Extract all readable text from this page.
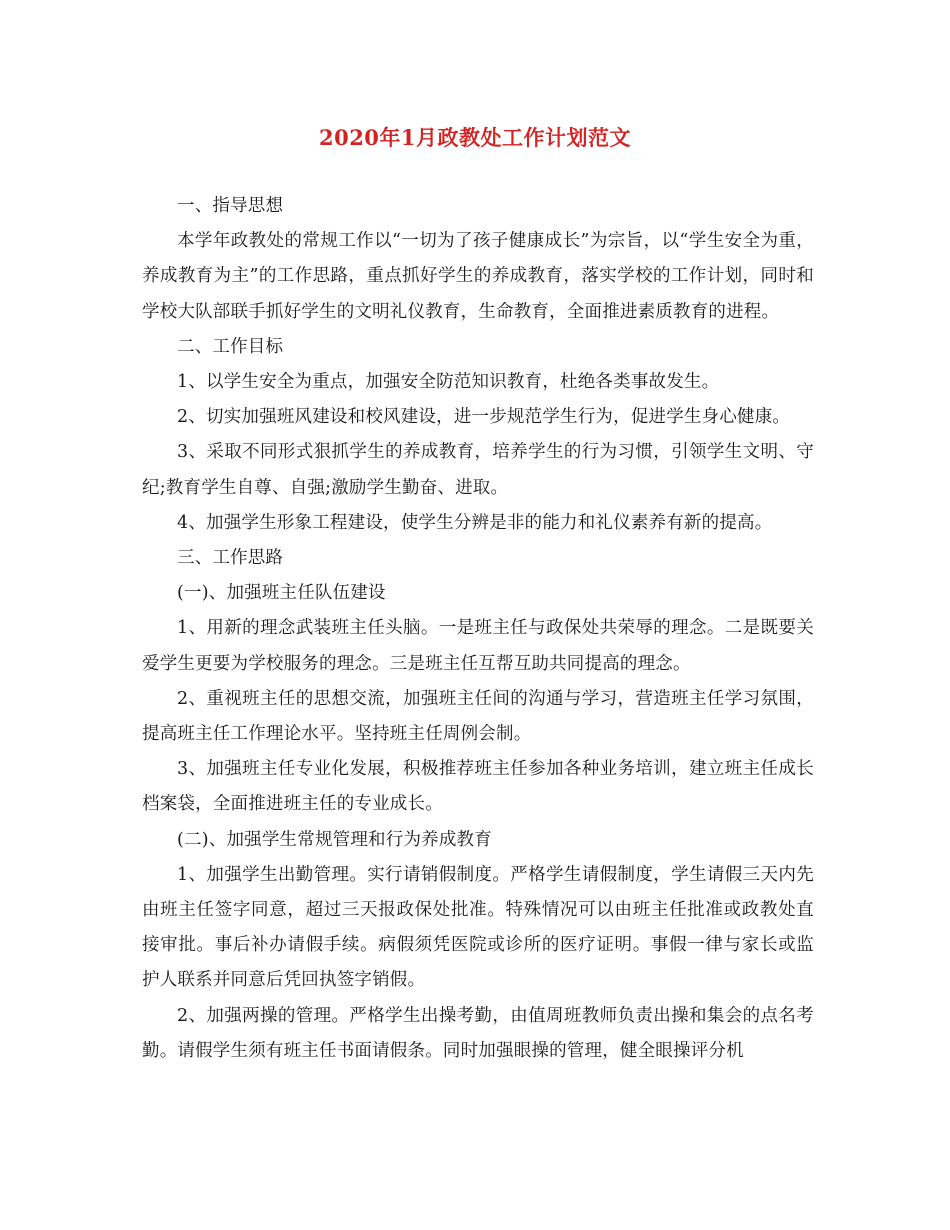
2020年1月政教处工作计划范文

一、指导思想

本学年政教处的常规工作以“一切为了孩子健康成长”为宗旨，以“学生安全为重，养成教育为主”的工作思路，重点抓好学生的养成教育，落实学校的工作计划，同时和学校大队部联手抓好学生的文明礼仪教育，生命教育，全面推进素质教育的进程。

二、工作目标

1、以学生安全为重点，加强安全防范知识教育，杜绝各类事故发生。

2、切实加强班风建设和校风建设，进一步规范学生行为，促进学生身心健康。

3、采取不同形式狠抓学生的养成教育，培养学生的行为习惯，引领学生文明、守纪;教育学生自尊、自强;激励学生勤奋、进取。

4、加强学生形象工程建设，使学生分辨是非的能力和礼仪素养有新的提高。

三、工作思路

(一)、加强班主任队伍建设

1、用新的理念武装班主任头脑。一是班主任与政保处共荣辱的理念。二是既要关爱学生更要为学校服务的理念。三是班主任互帮互助共同提高的理念。

2、重视班主任的思想交流，加强班主任间的沟通与学习，营造班主任学习氛围，提高班主任工作理论水平。坚持班主任周例会制。

3、加强班主任专业化发展，积极推荐班主任参加各种业务培训，建立班主任成长档案袋，全面推进班主任的专业成长。

(二)、加强学生常规管理和行为养成教育

1、加强学生出勤管理。实行请销假制度。严格学生请假制度，学生请假三天内先由班主任签字同意，超过三天报政保处批准。特殊情况可以由班主任批准或政教处直接审批。事后补办请假手续。病假须凭医院或诊所的医疗证明。事假一律与家长或监护人联系并同意后凭回执签字销假。

2、加强两操的管理。严格学生出操考勤，由值周班教师负责出操和集会的点名考勤。请假学生须有班主任书面请假条。同时加强眼操的管理，健全眼操评分机
